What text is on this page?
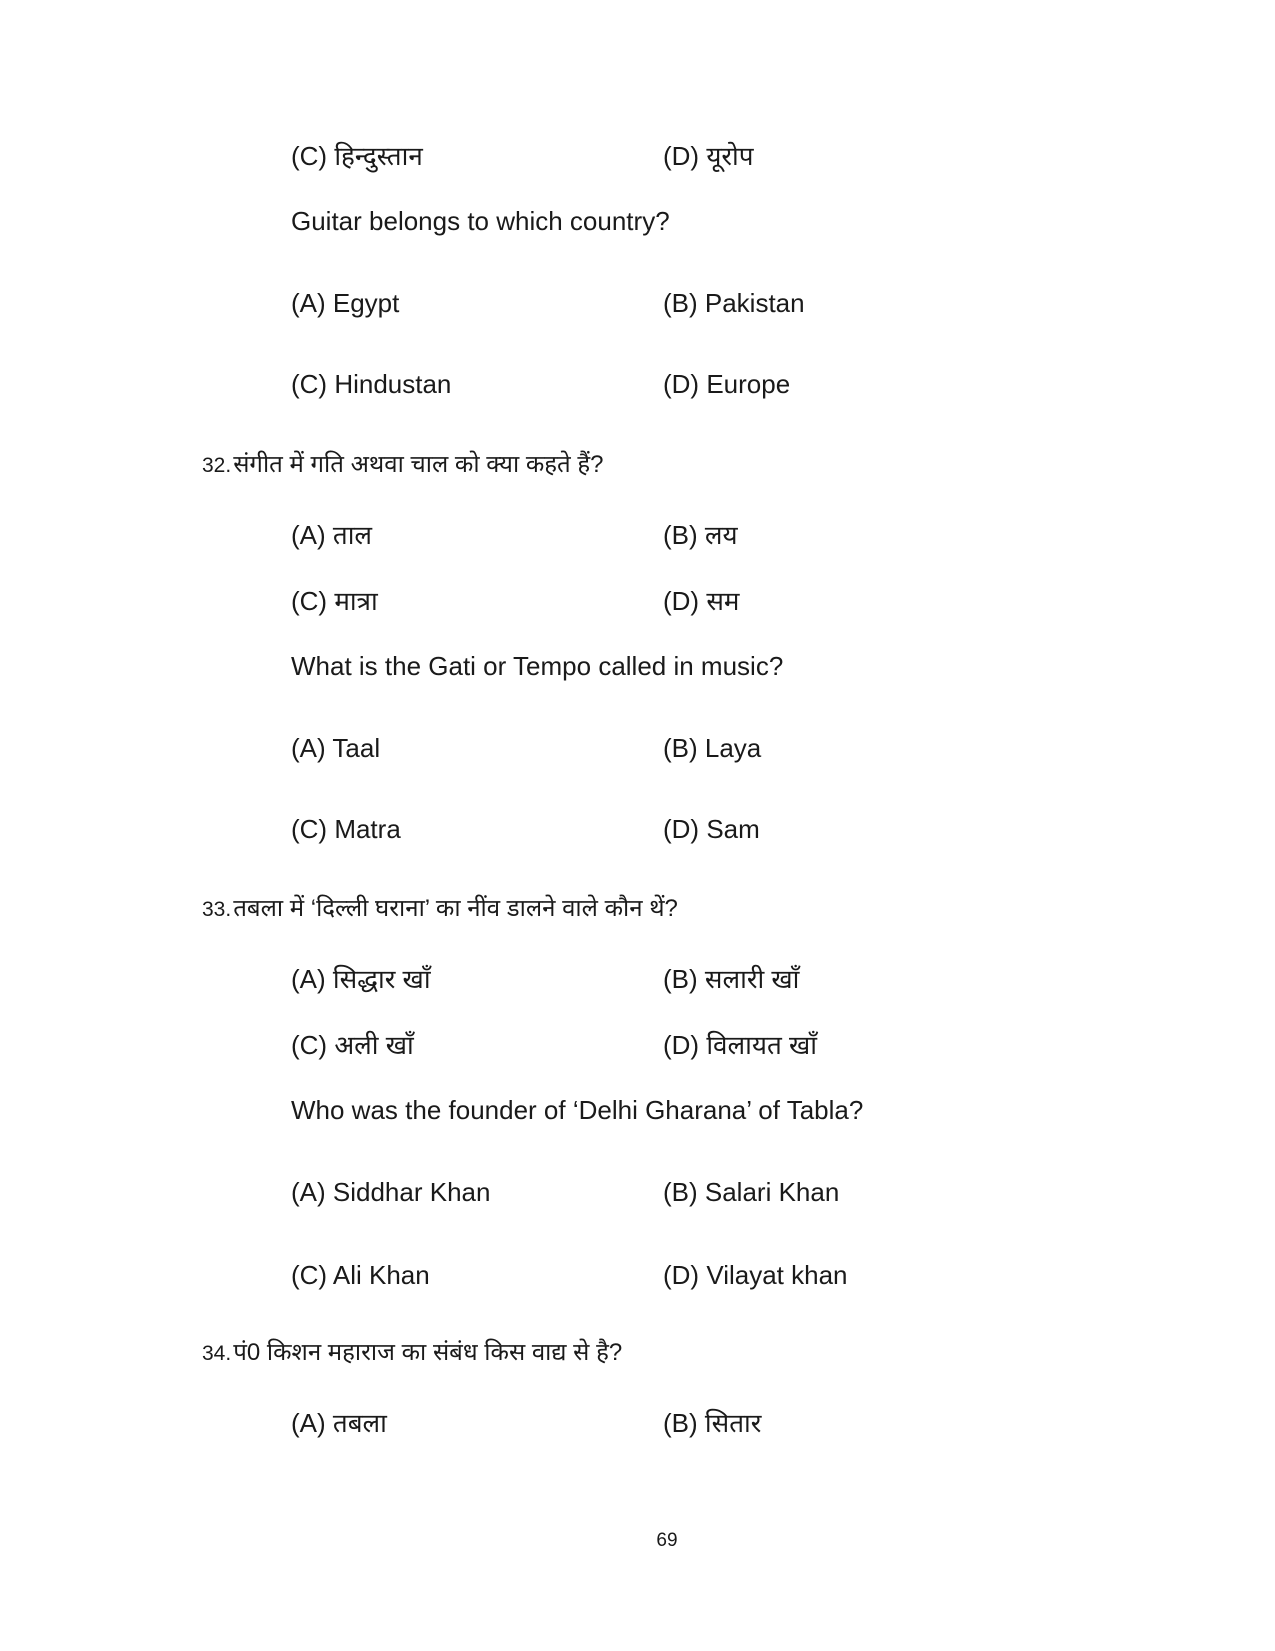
(C) हिन्दुस्तान	(D) यूरोप
Guitar belongs to which country?
(A) Egypt	(B) Pakistan
(C) Hindustan	(D) Europe
32.संगीत में गति अथवा चाल को क्या कहते हैं?
(A) ताल	(B) लय
(C) मात्रा	(D) सम
What is the Gati or Tempo called in music?
(A) Taal	(B) Laya
(C) Matra	(D) Sam
33.तबला में ‘दिल्ली घराना’ का नींव डालने वाले कौन थें?
(A) सिद्धार खाँ	(B) सलारी खाँ
(C) अली खाँ	(D) विलायत खाँ
Who was the founder of ‘Delhi Gharana’ of Tabla?
(A) Siddhar Khan	(B) Salari Khan
(C) Ali Khan	(D) Vilayat khan
34.पं0 किशन महाराज का संबंध किस वाद्य से है?
(A) तबला	(B) सितार
69
